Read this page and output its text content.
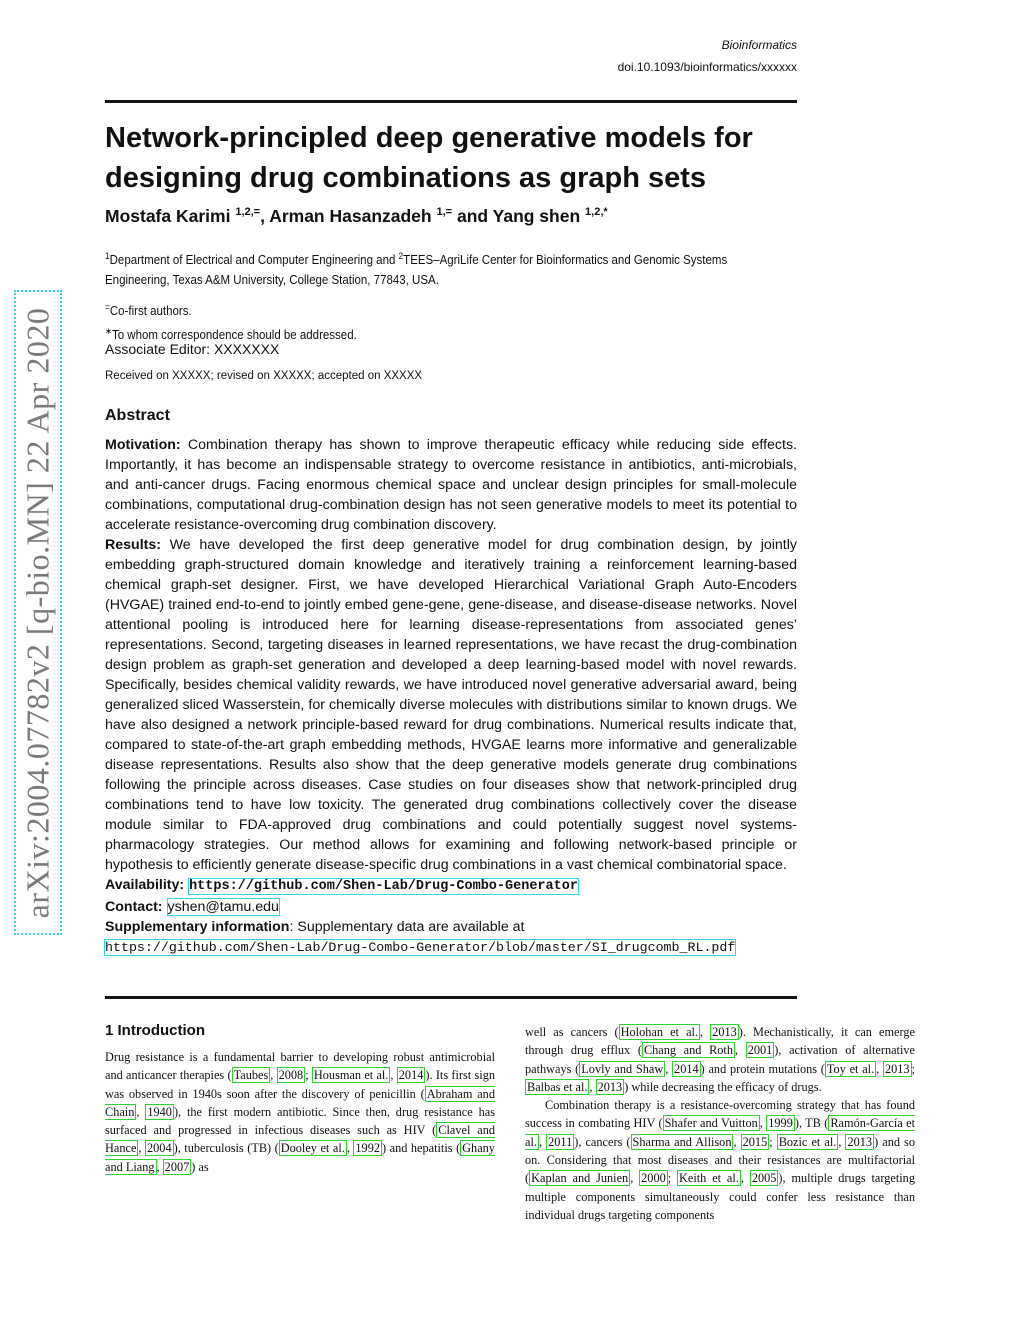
Bioinformatics
doi.10.1093/bioinformatics/xxxxxx
arXiv:2004.07782v2 [q-bio.MN] 22 Apr 2020
Network-principled deep generative models for
designing drug combinations as graph sets
Mostafa Karimi $^{1,2,=}$, Arman Hasanzadeh $^{1,=}$ and Yang shen $^{1,2,*}$
$^1$Department of Electrical and Computer Engineering and $^2$TEES–AgriLife Center for Bioinformatics and Genomic Systems
Engineering, Texas A&M University, College Station, 77843, USA.
=Co-first authors.
∗To whom correspondence should be addressed.
Associate Editor: XXXXXXX
Received on XXXXX; revised on XXXXX; accepted on XXXXX
Abstract

Motivation: Combination therapy has shown to improve therapeutic efficacy while reducing side effects. Importantly, it has become an indispensable strategy to overcome resistance in antibiotics, anti-microbials, and anti-cancer drugs. Facing enormous chemical space and unclear design principles for small-molecule combinations, computational drug-combination design has not seen generative models to meet its potential to accelerate resistance-overcoming drug combination discovery.

Results: We have developed the first deep generative model for drug combination design, by jointly embedding graph-structured domain knowledge and iteratively training a reinforcement learning-based chemical graph-set designer. First, we have developed Hierarchical Variational Graph Auto-Encoders (HVGAE) trained end-to-end to jointly embed gene-gene, gene-disease, and disease-disease networks. Novel attentional pooling is introduced here for learning disease-representations from associated genes’ representations. Second, targeting diseases in learned representations, we have recast the drug-combination design problem as graph-set generation and developed a deep learning-based model with novel rewards. Specifically, besides chemical validity rewards, we have introduced novel generative adversarial award, being generalized sliced Wasserstein, for chemically diverse molecules with distributions similar to known drugs. We have also designed a network principle-based reward for drug combinations. Numerical results indicate that, compared to state-of-the-art graph embedding methods, HVGAE learns more informative and generalizable disease representations. Results also show that the deep generative models generate drug combinations following the principle across diseases. Case studies on four diseases show that network-principled drug combinations tend to have low toxicity. The generated drug combinations collectively cover the disease module similar to FDA-approved drug combinations and could potentially suggest novel systems-pharmacology strategies. Our method allows for examining and following network-based principle or hypothesis to efficiently generate disease-specific drug combinations in a vast chemical combinatorial space.

Availability: https://github.com/Shen-Lab/Drug-Combo-Generator

Contact: yshen@tamu.edu

Supplementary information: Supplementary data are available at

https://github.com/Shen-Lab/Drug-Combo-Generator/blob/master/SI_drugcomb_RL.pdf

1 Introduction

Drug resistance is a fundamental barrier to developing robust antimicrobial and anticancer therapies ( Taubes , 2008 ; Housman et al. , 2014 ). Its first sign was observed in 1940s soon after the discovery of penicillin ( Abraham and Chain , 1940 ), the first modern antibiotic. Since then, drug resistance has surfaced and progressed in infectious diseases such as HIV ( Clavel and Hance , 2004 ), tuberculosis (TB) ( Dooley et al. , 1992 ) and hepatitis ( Ghany and Liang , 2007 ) as

well as cancers ( Holohan et al. , 2013 ). Mechanistically, it can emerge through drug efflux ( Chang and Roth , 2001 ), activation of alternative pathways ( Lovly and Shaw , 2014 ) and protein mutations ( Toy et al. , 2013 ; Balbas et al. , 2013 ) while decreasing the efficacy of drugs.

Combination therapy is a resistance-overcoming strategy that has found success in combating HIV ( Shafer and Vuitton , 1999 ), TB ( Ramón-García et al. , 2011 ), cancers ( Sharma and Allison , 2015 ; Bozic et al. , 2013 ) and so on. Considering that most diseases and their resistances are multifactorial ( Kaplan and Junien , 2000 ; Keith et al. , 2005 ), multiple drugs targeting multiple components simultaneously could confer less resistance than individual drugs targeting components
